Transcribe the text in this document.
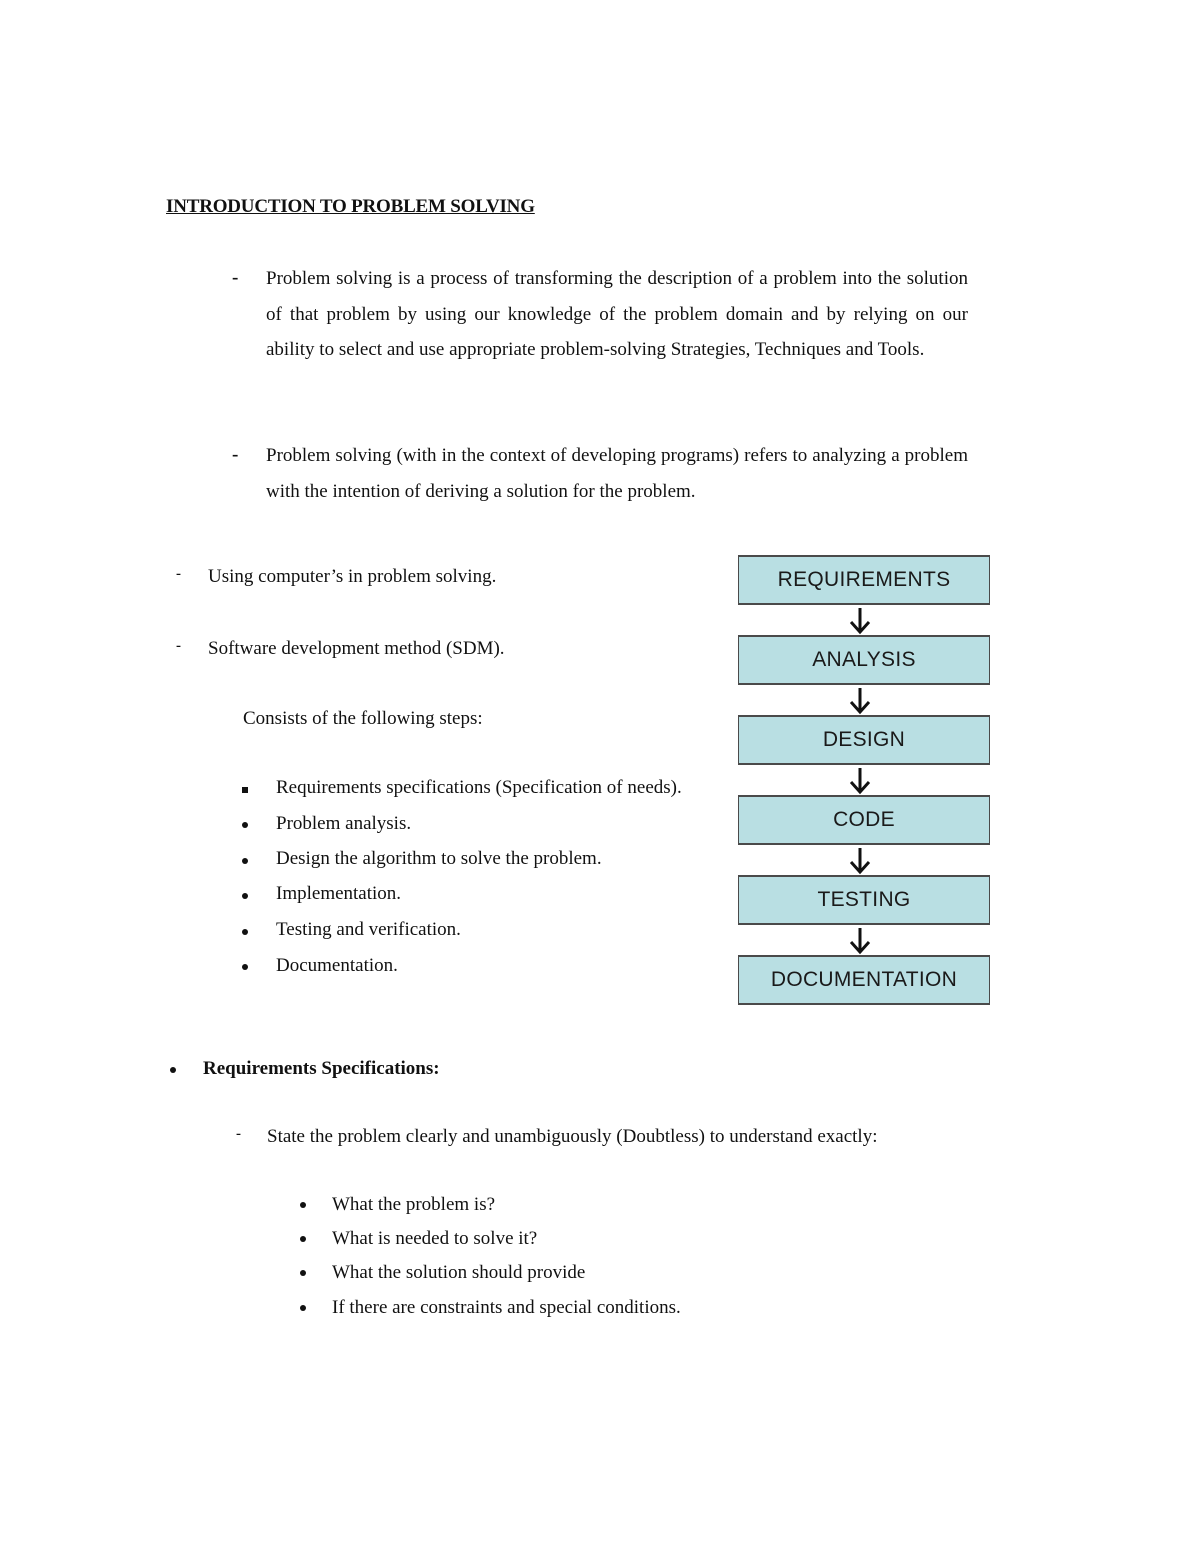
INTRODUCTION TO PROBLEM SOLVING
- Problem solving is a process of transforming the description of a problem into the solution of that problem by using our knowledge of the problem domain and by relying on our ability to select and use appropriate problem-solving Strategies, Techniques and Tools.
- Problem solving (with in the context of developing programs) refers to analyzing a problem with the intention of deriving a solution for the problem.
- Using computer’s in problem solving.
- Software development method (SDM).
Consists of the following steps:
Requirements specifications (Specification of needs).
Problem analysis.
Design the algorithm to solve the problem.
Implementation.
Testing and verification.
Documentation.
REQUIREMENTS
ANALYSIS
DESIGN
CODE
TESTING
DOCUMENTATION
Requirements Specifications:
- State the problem clearly and unambiguously (Doubtless) to understand exactly:
What the problem is?
What is needed to solve it?
What the solution should provide
If there are constraints and special conditions.
